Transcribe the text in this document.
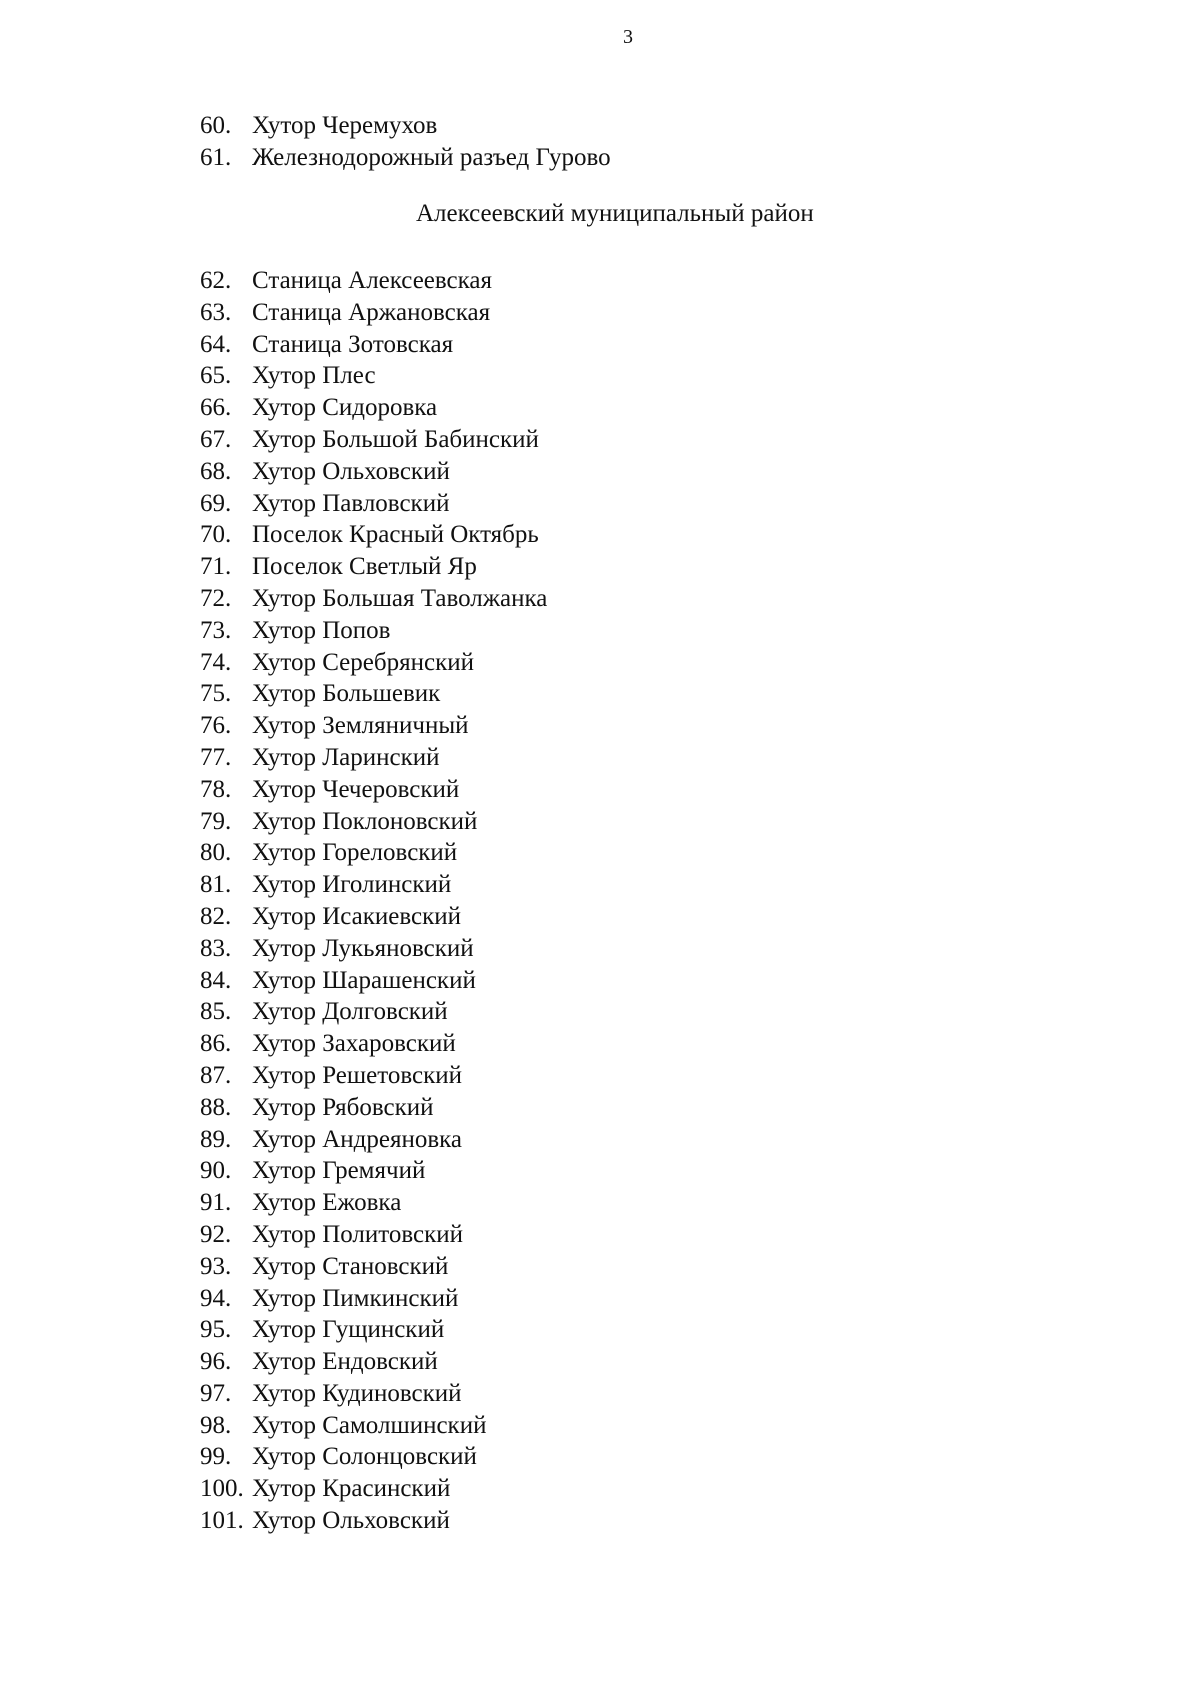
3
60. Хутор Черемухов
61. Железнодорожный разъед Гурово
Алексеевский муниципальный район
62. Станица Алексеевская
63. Станица Аржановская
64. Станица Зотовская
65. Хутор Плес
66. Хутор Сидоровка
67. Хутор Большой Бабинский
68. Хутор Ольховский
69. Хутор Павловский
70. Поселок Красный Октябрь
71. Поселок Светлый Яр
72. Хутор Большая Таволжанка
73. Хутор Попов
74. Хутор Серебрянский
75. Хутор Большевик
76. Хутор Земляничный
77. Хутор Ларинский
78. Хутор Чечеровский
79. Хутор Поклоновский
80. Хутор Гореловский
81. Хутор Иголинский
82. Хутор Исакиевский
83. Хутор Лукьяновский
84. Хутор Шарашенский
85. Хутор Долговский
86. Хутор Захаровский
87. Хутор Решетовский
88. Хутор Рябовский
89. Хутор Андреяновка
90. Хутор Гремячий
91. Хутор Ежовка
92. Хутор Политовский
93. Хутор Становский
94. Хутор Пимкинский
95. Хутор Гущинский
96. Хутор Ендовский
97. Хутор Кудиновский
98. Хутор Самолшинский
99. Хутор Солонцовский
100. Хутор Красинский
101. Хутор Ольховский
